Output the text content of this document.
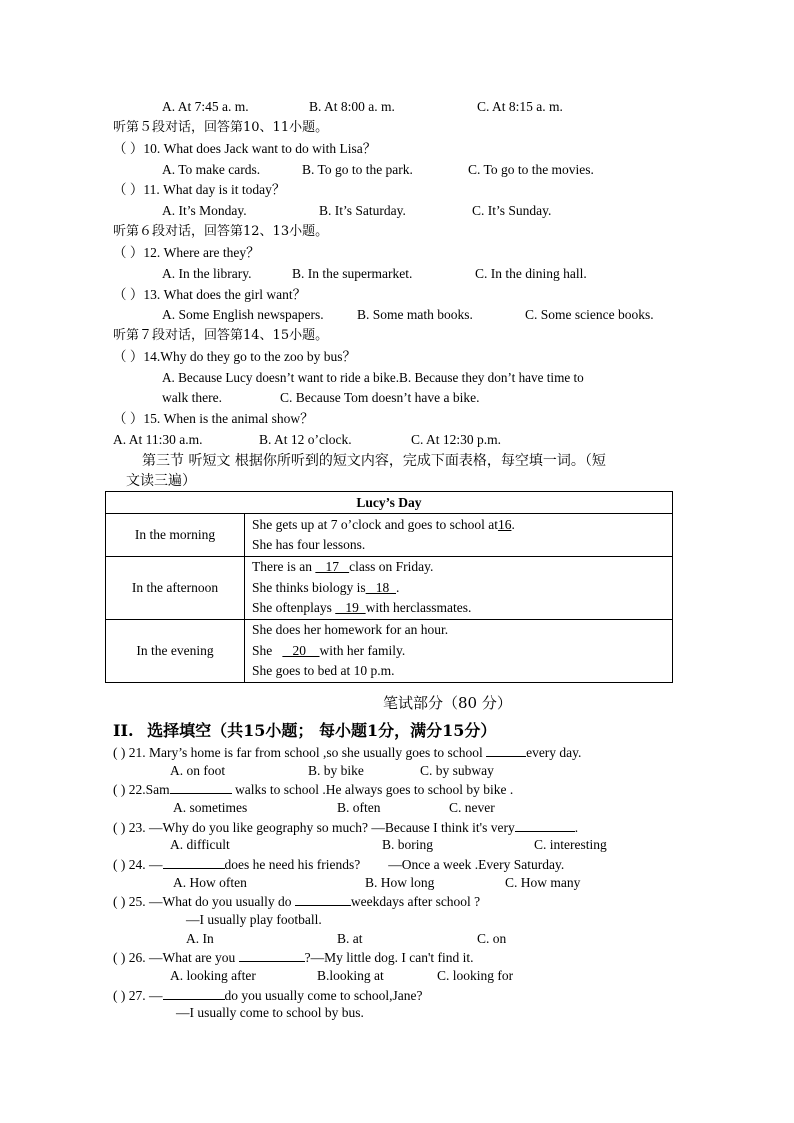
A. At 7:45 a. m.	B. At 8:00 a. m.	C. At 8:15 a. m.
听第５段对话，回答第10、11小题。
（ ）10. What does Jack want to do with Lisa？
A. To make cards.	B. To go to the park.	C. To go to the movies.
（ ）11. What day is it today？
A. It’s Monday.	B. It’s Saturday.	C. It’s Sunday.
听第６段对话，回答第12、13小题。
（ ）12. Where are they？
A. In the library.	B. In the supermarket.	C. In the dining hall.
（ ）13. What does the girl want？
A. Some English newspapers. B. Some math books.	C. Some science books.
听第７段对话，回答第14、15小题。
（ ）14.Why do they go to the zoo by bus？
A. Because Lucy doesn’t want to ride a bike.B. Because they don’t have time to
walk there.	C. Because Tom doesn’t have a bike.
（ ）15. When is the animal show？
A. At 11:30 a.m.	B. At 12 o’clock.	C. At 12:30 p.m.
第三节 听短文 根据你所听到的短文内容，完成下面表格，每空填一词。（短
文读三遍）
Lucy’s Day	
In the morning	She gets up at 7 o’clock and goes to school at16.
She has four lessons.

In the afternoon	There is an    17   class on Friday.
She thinks biology is   18  .
She oftenplays    19  with herclassmates.

In the evening	She does her homework for an hour.
She      20    with her family.
She goes to bed at 10 p.m.
笔试部分（80 分）
II. 选择填空（共15小题； 每小题1分，满分15分）
( ) 21. Mary’s home is far from school ,so she usually goes to school	every day.
A. on foot	B. by bike	C. by subway
( ) 22.Sam	walks to school .He always goes to school by bike .
A. sometimes	B. often	C. never
( ) 23. —Why do you like geography so much? —Because I think it's very	.
A. difficult	B. boring	C. interesting
( ) 24. —	does he need his friends? —Once a week .Every Saturday.
A. How often	B. How long	C. How many
( ) 25. —What do you usually do	weekdays after school ?
—I usually play football.
A. In	B. at	C. on
( ) 26. —What are you	?—My little dog. I can't find it.
A. looking after	B.looking at	C. looking for
( ) 27. —	do you usually come to school,Jane?
—I usually come to school by bus.
